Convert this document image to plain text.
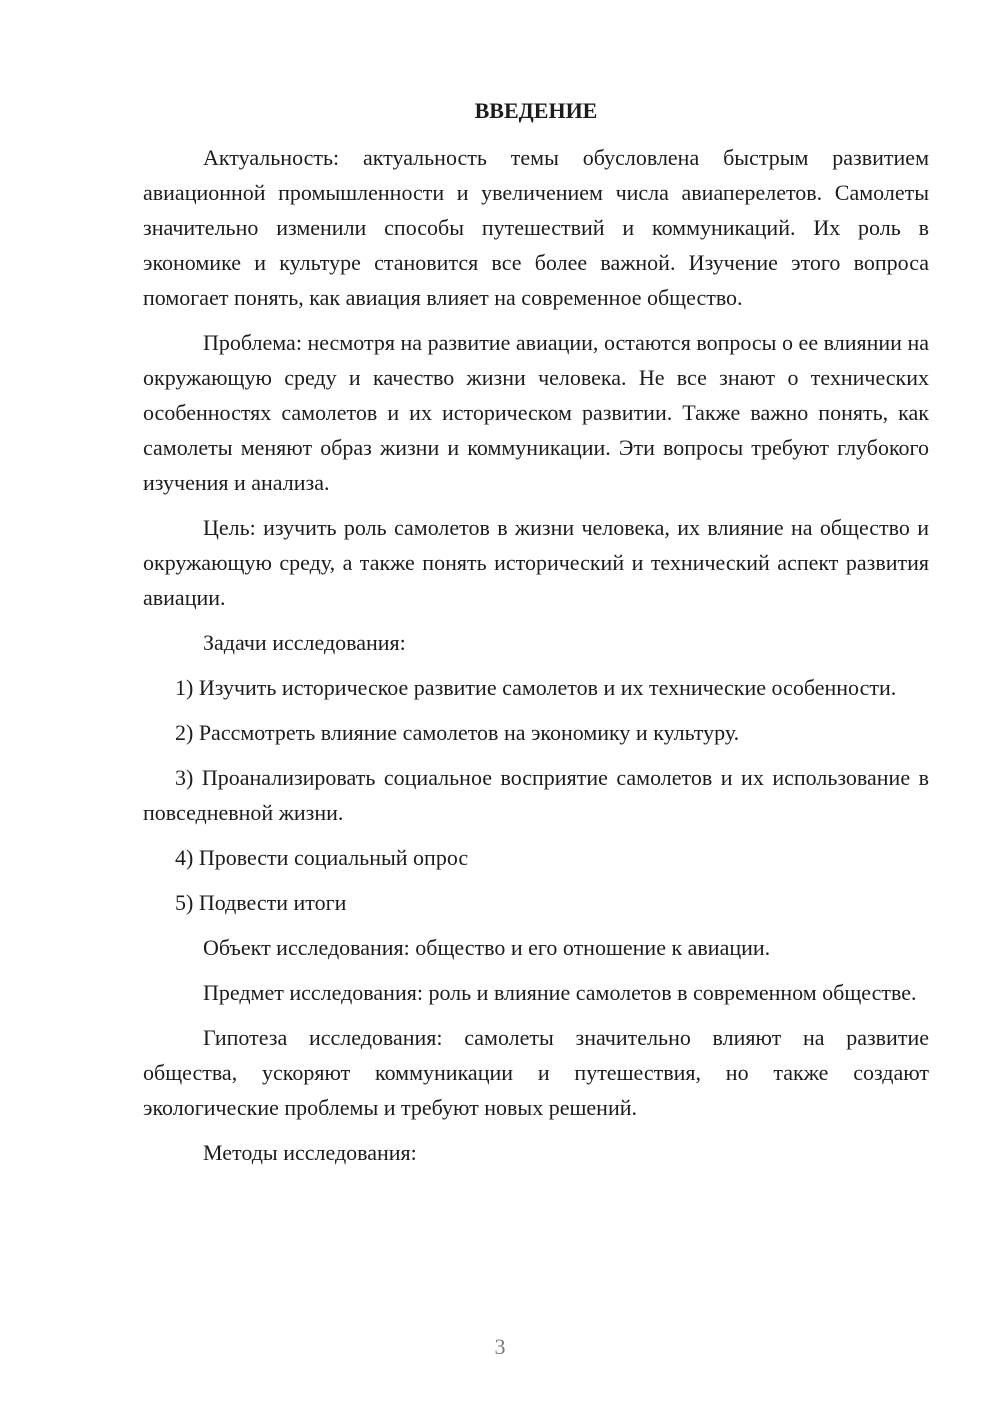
ВВЕДЕНИЕ

Актуальность: актуальность темы обусловлена быстрым развитием авиационной промышленности и увеличением числа авиаперелетов. Самолеты значительно изменили способы путешествий и коммуникаций. Их роль в экономике и культуре становится все более важной. Изучение этого вопроса помогает понять, как авиация влияет на современное общество.

Проблема: несмотря на развитие авиации, остаются вопросы о ее влиянии на окружающую среду и качество жизни человека. Не все знают о технических особенностях самолетов и их историческом развитии. Также важно понять, как самолеты меняют образ жизни и коммуникации. Эти вопросы требуют глубокого изучения и анализа.

Цель: изучить роль самолетов в жизни человека, их влияние на общество и окружающую среду, а также понять исторический и технический аспект развития авиации.

Задачи исследования:

1) Изучить историческое развитие самолетов и их технические особенности.

2) Рассмотреть влияние самолетов на экономику и культуру.

3) Проанализировать социальное восприятие самолетов и их использование в повседневной жизни.

4) Провести социальный опрос

5) Подвести итоги

Объект исследования: общество и его отношение к авиации.

Предмет исследования: роль и влияние самолетов в современном обществе.

Гипотеза исследования: самолеты значительно влияют на развитие общества, ускоряют коммуникации и путешествия, но также создают экологические проблемы и требуют новых решений.

Методы исследования:

3
